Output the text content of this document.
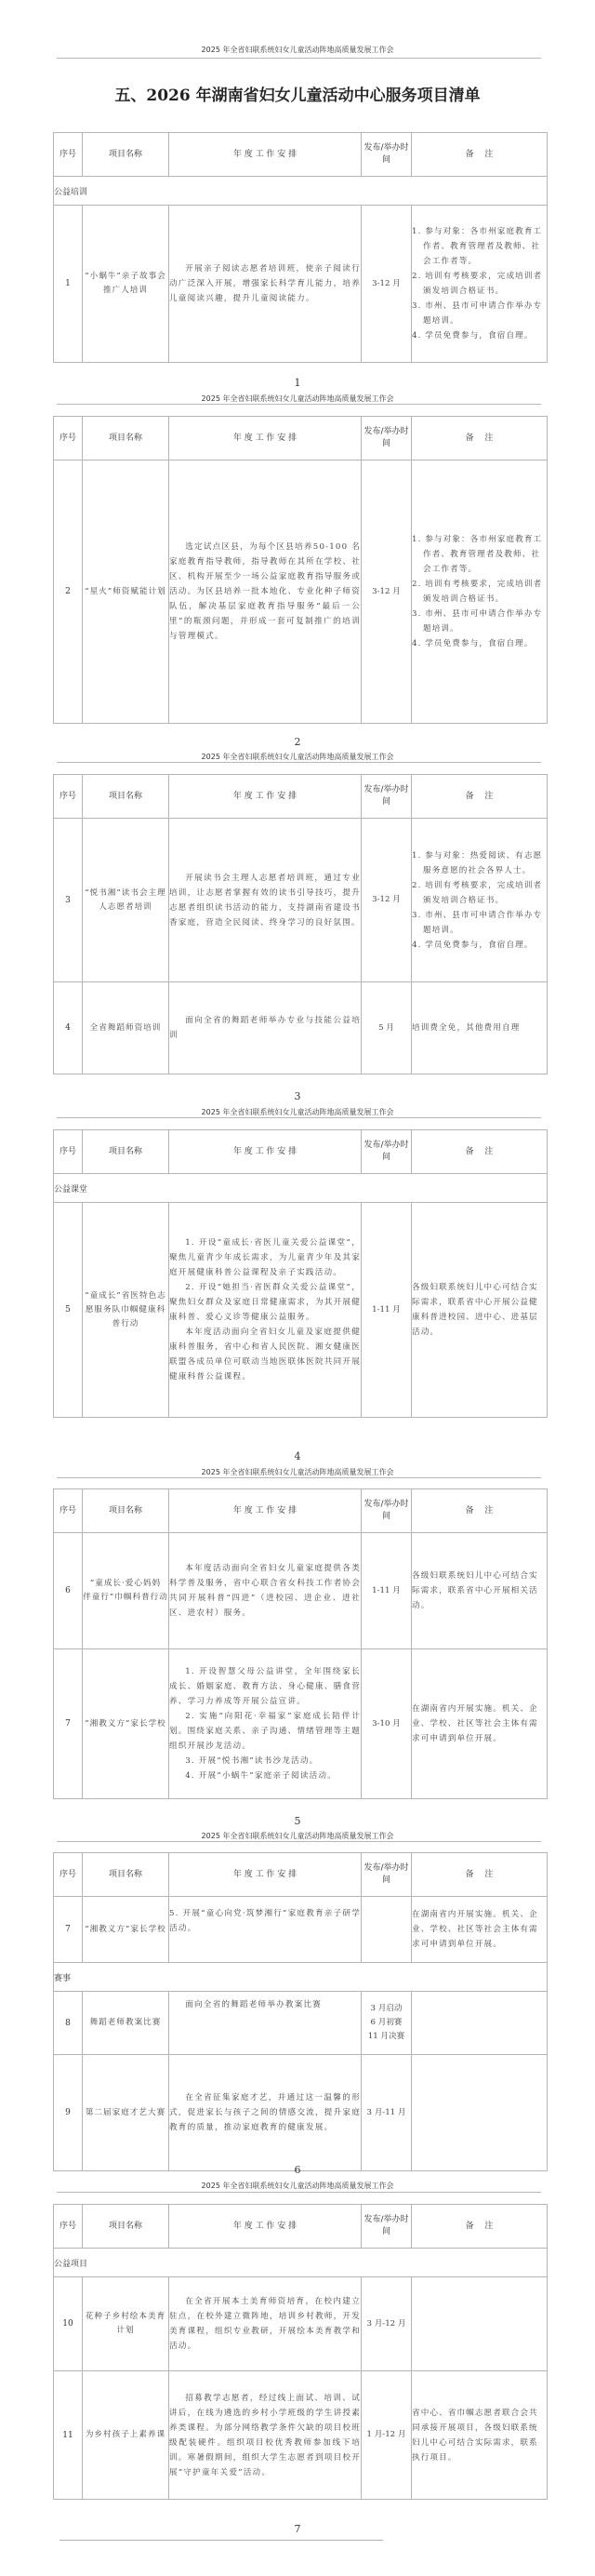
2025 年全省妇联系统妇女儿童活动阵地高质量发展工作会
五、2026 年湖南省妇女儿童活动中心服务项目清单
序号	项目名称	年 度 工 作 安 排	发布/举办时间	备　 注
公益培训				
1	“小蜗牛”亲子故事会推广人培训	开展亲子阅读志愿者培训班，使亲子阅读行动广泛深入开展，增强家长科学育儿能力，培养儿童阅读兴趣，提升儿童阅读能力。	3-12 月	1. 参与对象：各市州家庭教育工作者、教育管理者及教师、社会工作者等。

2. 培训有考核要求，完成培训者颁发培训合格证书。

3. 市州、县市可申请合作举办专题培训。

4. 学员免费参与，食宿自理。

1
2025 年全省妇联系统妇女儿童活动阵地高质量发展工作会
序号	项目名称	年 度 工 作 安 排	发布/举办时间	备　 注
2	“星火”师资赋能计划	选定试点区县，为每个区县培养50-100 名家庭教育指导教师，指导教师在其所在学校、社区、机构开展至少一场公益家庭教育指导服务或活动。为区县培养一批本地化、专业化种子师资队伍，解决基层家庭教育指导服务“最后一公里”的瓶颈问题，并形成一套可复制推广的培训与管理模式。	3-12 月	1. 参与对象：各市州家庭教育工作者、教育管理者及教师、社会工作者等。

2. 培训有考核要求，完成培训者颁发培训合格证书。

3. 市州、县市可申请合作举办专题培训。

4. 学员免费参与，食宿自理。

2
2025 年全省妇联系统妇女儿童活动阵地高质量发展工作会
序号	项目名称	年 度 工 作 安 排	发布/举办时间	备　 注
3	“悦书湘”读书会主理人志愿者培训	开展读书会主理人志愿者培训班，通过专业培训，让志愿者掌握有效的读书引导技巧，提升志愿者组织读书活动的能力，支持湖南省建设书香家庭，营造全民阅读、终身学习的良好氛围。	3-12 月	1. 参与对象：热爱阅读、有志愿服务意愿的社会各界人士。

2. 培训有考核要求，完成培训者颁发培训合格证书。

3. 市州、县市可申请合作举办专题培训。

4. 学员免费参与，食宿自理。

4	全省舞蹈师资培训	面向全省的舞蹈老师举办专业与技能公益培训	5 月	培训费全免，其他费用自理

3
2025 年全省妇联系统妇女儿童活动阵地高质量发展工作会
序号	项目名称	年 度 工 作 安 排	发布/举办时间	备　 注
公益课堂				
5	“童成长”省医特色志愿服务队巾帼健康科普行动	1. 开设“童成长·省医儿童关爱公益课堂”，聚焦儿童青少年成长需求，为儿童青少年及其家庭开展健康科普公益课程及亲子实践活动。

2. 开设“她担当·省医群众关爱公益课堂”，聚焦妇女群众及家庭日常健康需求，为其开展健康科普、爱心义诊等健康公益服务。

本年度活动面向全省妇女儿童及家庭提供健康科普服务，省中心和省人民医院、湘女健康医联盟各成员单位可联动当地医联体医院共同开展健康科普公益课程。	1-11 月	各级妇联系统妇儿中心可结合实际需求，联系省中心开展公益健康科普进校园、进中心、进基层活动。

4
2025 年全省妇联系统妇女儿童活动阵地高质量发展工作会
序号	项目名称	年 度 工 作 安 排	发布/举办时间	备　 注
6	“童成长·爱心妈妈　伴童行”巾帼科普行动	本年度活动面向全省妇女儿童家庭提供各类科学普及服务，省中心联合省女科技工作者协会共同开展科普“四进”（进校园、进企业、进社区、进农村）服务。	1-11 月	各级妇联系统妇儿中心可结合实际需求，联系省中心开展相关活动。

7	“湘教义方”家长学校	1. 开设智慧父母公益讲堂，全年围绕家长成长、婚姻家庭、教育方法、身心健康、膳食营养、学习力养成等开展公益宣讲。

2. 实施“向阳花·幸福家”家庭成长陪伴计划。围绕家庭关系、亲子沟通、情绪管理等主题组织开展沙龙活动。

3. 开展“悦书湘”读书沙龙活动。

4. 开展“小蜗牛”家庭亲子阅读活动。	3-10 月	在湖南省内开展实施。机关、企业、学校、社区等社会主体有需求可申请到单位开展。

5
2025 年全省妇联系统妇女儿童活动阵地高质量发展工作会
序号	项目名称	年 度 工 作 安 排	发布/举办时间	备　 注
7	“湘教义方”家长学校	5. 开展“童心向党·筑梦湘行”家庭教育亲子研学活动。		在湖南省内开展实施。机关、企业、学校、社区等社会主体有需求可申请到单位开展。

赛事				
8	舞蹈老师教案比赛	面向全省的舞蹈老师举办教案比赛	3 月启动
6 月初赛
11 月决赛	

9	第二届家庭才艺大赛	在全省征集家庭才艺，并通过这一温馨的形式，促进家长与孩子之间的情感交流，提升家庭教育的质量，推动家庭教育的健康发展。	3 月-11 月	
6
2025 年全省妇联系统妇女儿童活动阵地高质量发展工作会
序号	项目名称	年 度 工 作 安 排	发布/举办时间	备　 注
公益项目				
10	花种子乡村绘本美育 计划	在全省开展本土美育师资培育，在校内建立驻点，在校外建立微阵地，培训乡村教师，开发美育课程，组织专业教研，开展绘本美育教学和活动。	3 月-12 月	
11	为乡村孩子上素养课	招募教学志愿者，经过线上面试、培训、试讲后，在线为遴选的乡村小学班级的学生讲授素养类课程。为部分网络教学条件欠缺的项目校班级配装硬件。组织项目校优秀教师参加线下培训。寒暑假期间，组织大学生志愿者到项目校开展“守护童年关爱”活动。	1 月-12 月	省中心、省巾帼志愿者联合会共同承接开展项目，各级妇联系统妇儿中心可结合实际需求，联系执行项目。

7
